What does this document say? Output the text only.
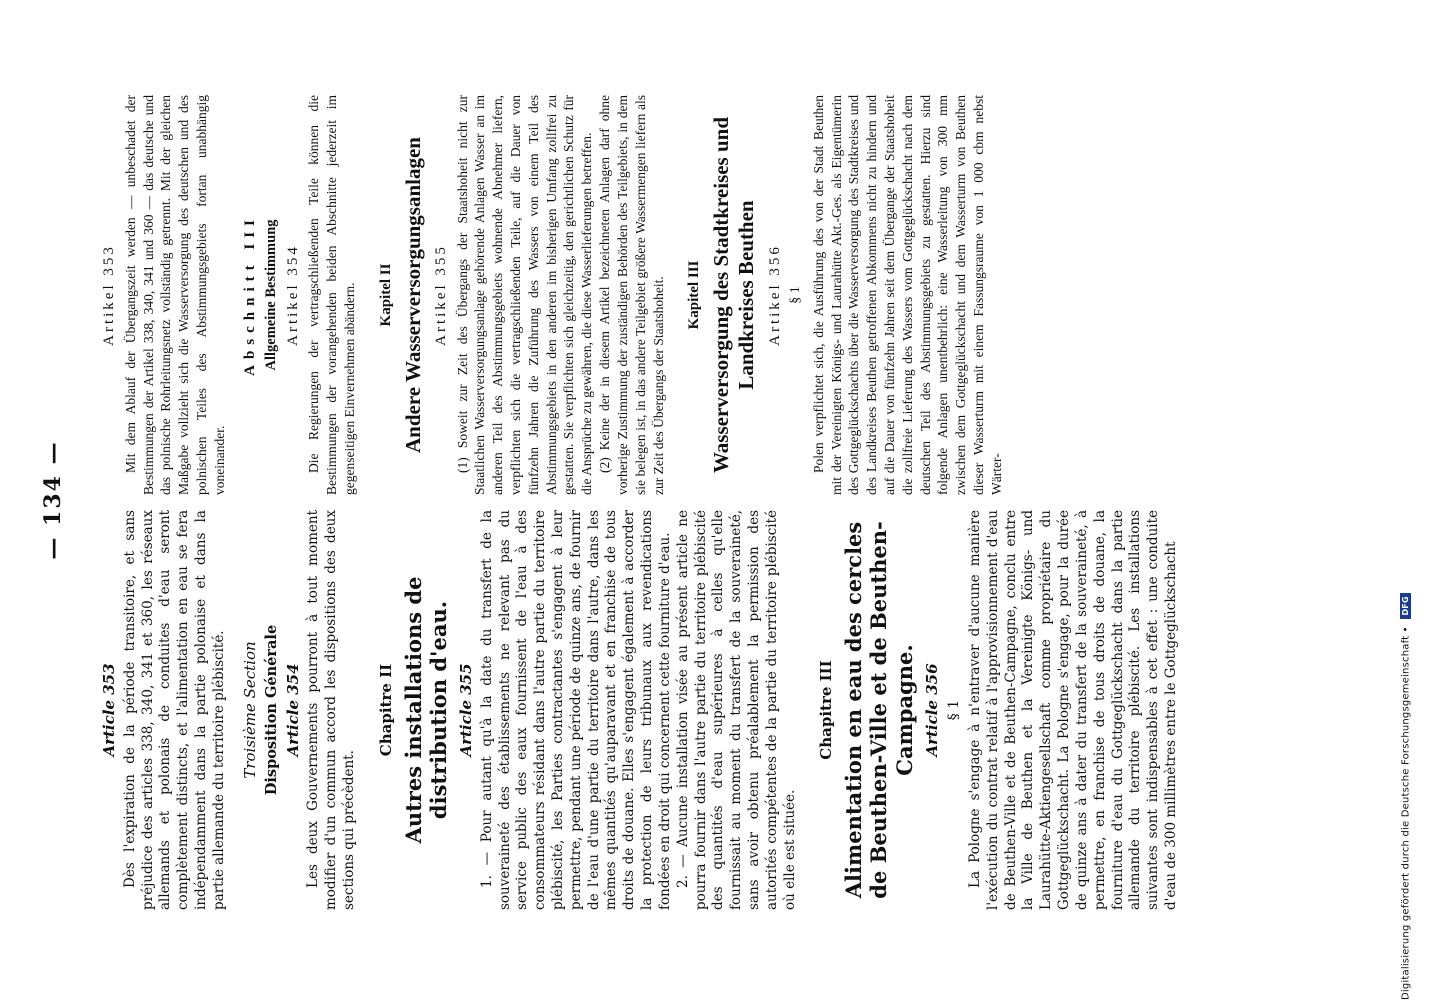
— 134 —
Article 353 Dès l'expiration de la période transitoire, et sans préjudice des articles 338, 340, 341 et 360, les réseaux allemands et polonais de conduites d'eau seront complètement distincts, et l'alimentation en eau se fera indépendamment dans la partie polonaise et dans la partie allemande du territoire plébiscité. Troisième Section Disposition Générale Article 354 Les deux Gouvernements pourront à tout moment modifier d'un commun accord les dispositions des deux sections qui précèdent.

Chapitre II Autres installations de distribution d'eau. Article 355 1. — Pour autant qu'à la date du transfert de la souveraineté des établissements ne relevant pas du service public des eaux fournissent de l'eau à des consommateurs résidant dans l'autre partie du territoire plébiscité, les Parties contractantes s'engagent à leur permettre, pendant une période de quinze ans, de fournir de l'eau d'une partie du territoire dans l'autre, dans les mêmes quantités qu'auparavant et en franchise de tous droits de douane. Elles s'engagent également à accorder la protection de leurs tribunaux aux revendications fondées en droit qui concernent cette fourniture d'eau. 2. — Aucune installation visée au présent article ne pourra fournir dans l'autre partie du territoire plébiscité des quantités d'eau supérieures à celles qu'elle fournissait au moment du transfert de la souveraineté, sans avoir obtenu préalablement la permission des autorités compétentes de la partie du territoire plébiscité où elle est située.

Chapitre III Alimentation en eau des cercles de Beuthen-Ville et de Beuthen-Campagne. Article 356 § 1 La Pologne s'engage à n'entraver d'aucune manière l'exécution du contrat relatif à l'approvisionnement d'eau de Beuthen-Ville et de Beuthen-Campagne, conclu entre la Ville de Beuthen et la Vereinigte Königs- und Laurahütte-Aktiengesellschaft comme propriétaire du Gottgeglückschacht. La Pologne s'engage, pour la durée de quinze ans à dater du transfert de la souveraineté, à permettre, en franchise de tous droits de douane, la fourniture d'eau du Gottgeglückschacht dans la partie allemande du territoire plébiscité. Les installations suivantes sont indispensables à cet effet : une conduite d'eau de 300 millimètres entre le Gottgeglückschacht

Artikel 353 Mit dem Ablauf der Übergangszeit werden — unbeschadet der Bestimmungen der Artikel 338, 340, 341 und 360 — das deutsche und das polnische Rohrleitungsnetz vollständig getrennt. Mit der gleichen Maßgabe vollzieht sich die Wasserversorgung des deutschen und des polnischen Teiles des Abstimmungsgebiets fortan unabhängig voneinander.

Abschnitt III Allgemeine Bestimmung Artikel 354 Die Regierungen der vertragschließenden Teile können die Bestimmungen der vorangehenden beiden Abschnitte jederzeit im gegenseitigen Einvernehmen abändern. Kapitel II Andere Wasserversorgungsanlagen Artikel 355 (1) Soweit zur Zeit des Übergangs der Staatshoheit nicht zur Staatlichen Wasserversorgungsanlage gehörende Anlagen Wasser an im anderen Teil des Abstimmungsgebiets wohnende Abnehmer liefern, verpflichten sich die vertragschließenden Teile, auf die Dauer von fünfzehn Jahren die Zuführung des Wassers von einem Teil des Abstimmungsgebiets in den anderen im bisherigen Umfang zollfrei zu gestatten. Sie verpflichten sich gleichzeitig, den gerichtlichen Schutz für die Ansprüche zu gewähren, die diese Wasserlieferungen betreffen. (2) Keine der in diesem Artikel bezeichneten Anlagen darf ohne vorherige Zustimmung der zuständigen Behörden des Teilgebiets, in dem sie belegen ist, in das andere Teilgebiet größere Wassermengen liefern als zur Zeit des Übergangs der Staatshoheit. Kapitel III Wasserversorgung des Stadtkreises und Landkreises Beuthen Artikel 356 § 1 Polen verpflichtet sich, die Ausführung des von der Stadt Beuthen mit der Vereinigten Königs- und Laurahütte Akt.-Ges. als Eigentümerin des Gottgeglückschachts über die Wasserversorgung des Stadtkreises und des Landkreises Beuthen getroffenen Abkommens nicht zu hindern und auf die Dauer von fünfzehn Jahren seit dem Übergange der Staatshoheit die zollfreie Lieferung des Wassers vom Gottgeglückschacht nach dem deutschen Teil des Abstimmungsgebiets zu gestatten. Hierzu sind folgende Anlagen unentbehrlich: eine Wasserleitung von 300 mm zwischen dem Gottgeglückschacht und dem Wasserturm von Beuthen dieser Wasserturm mit einem Fassungsraume von 1 000 cbm nebst Wärter-

Digitalisierung gefördert durch die Deutsche Forschungsgemeinschaft • DFG
